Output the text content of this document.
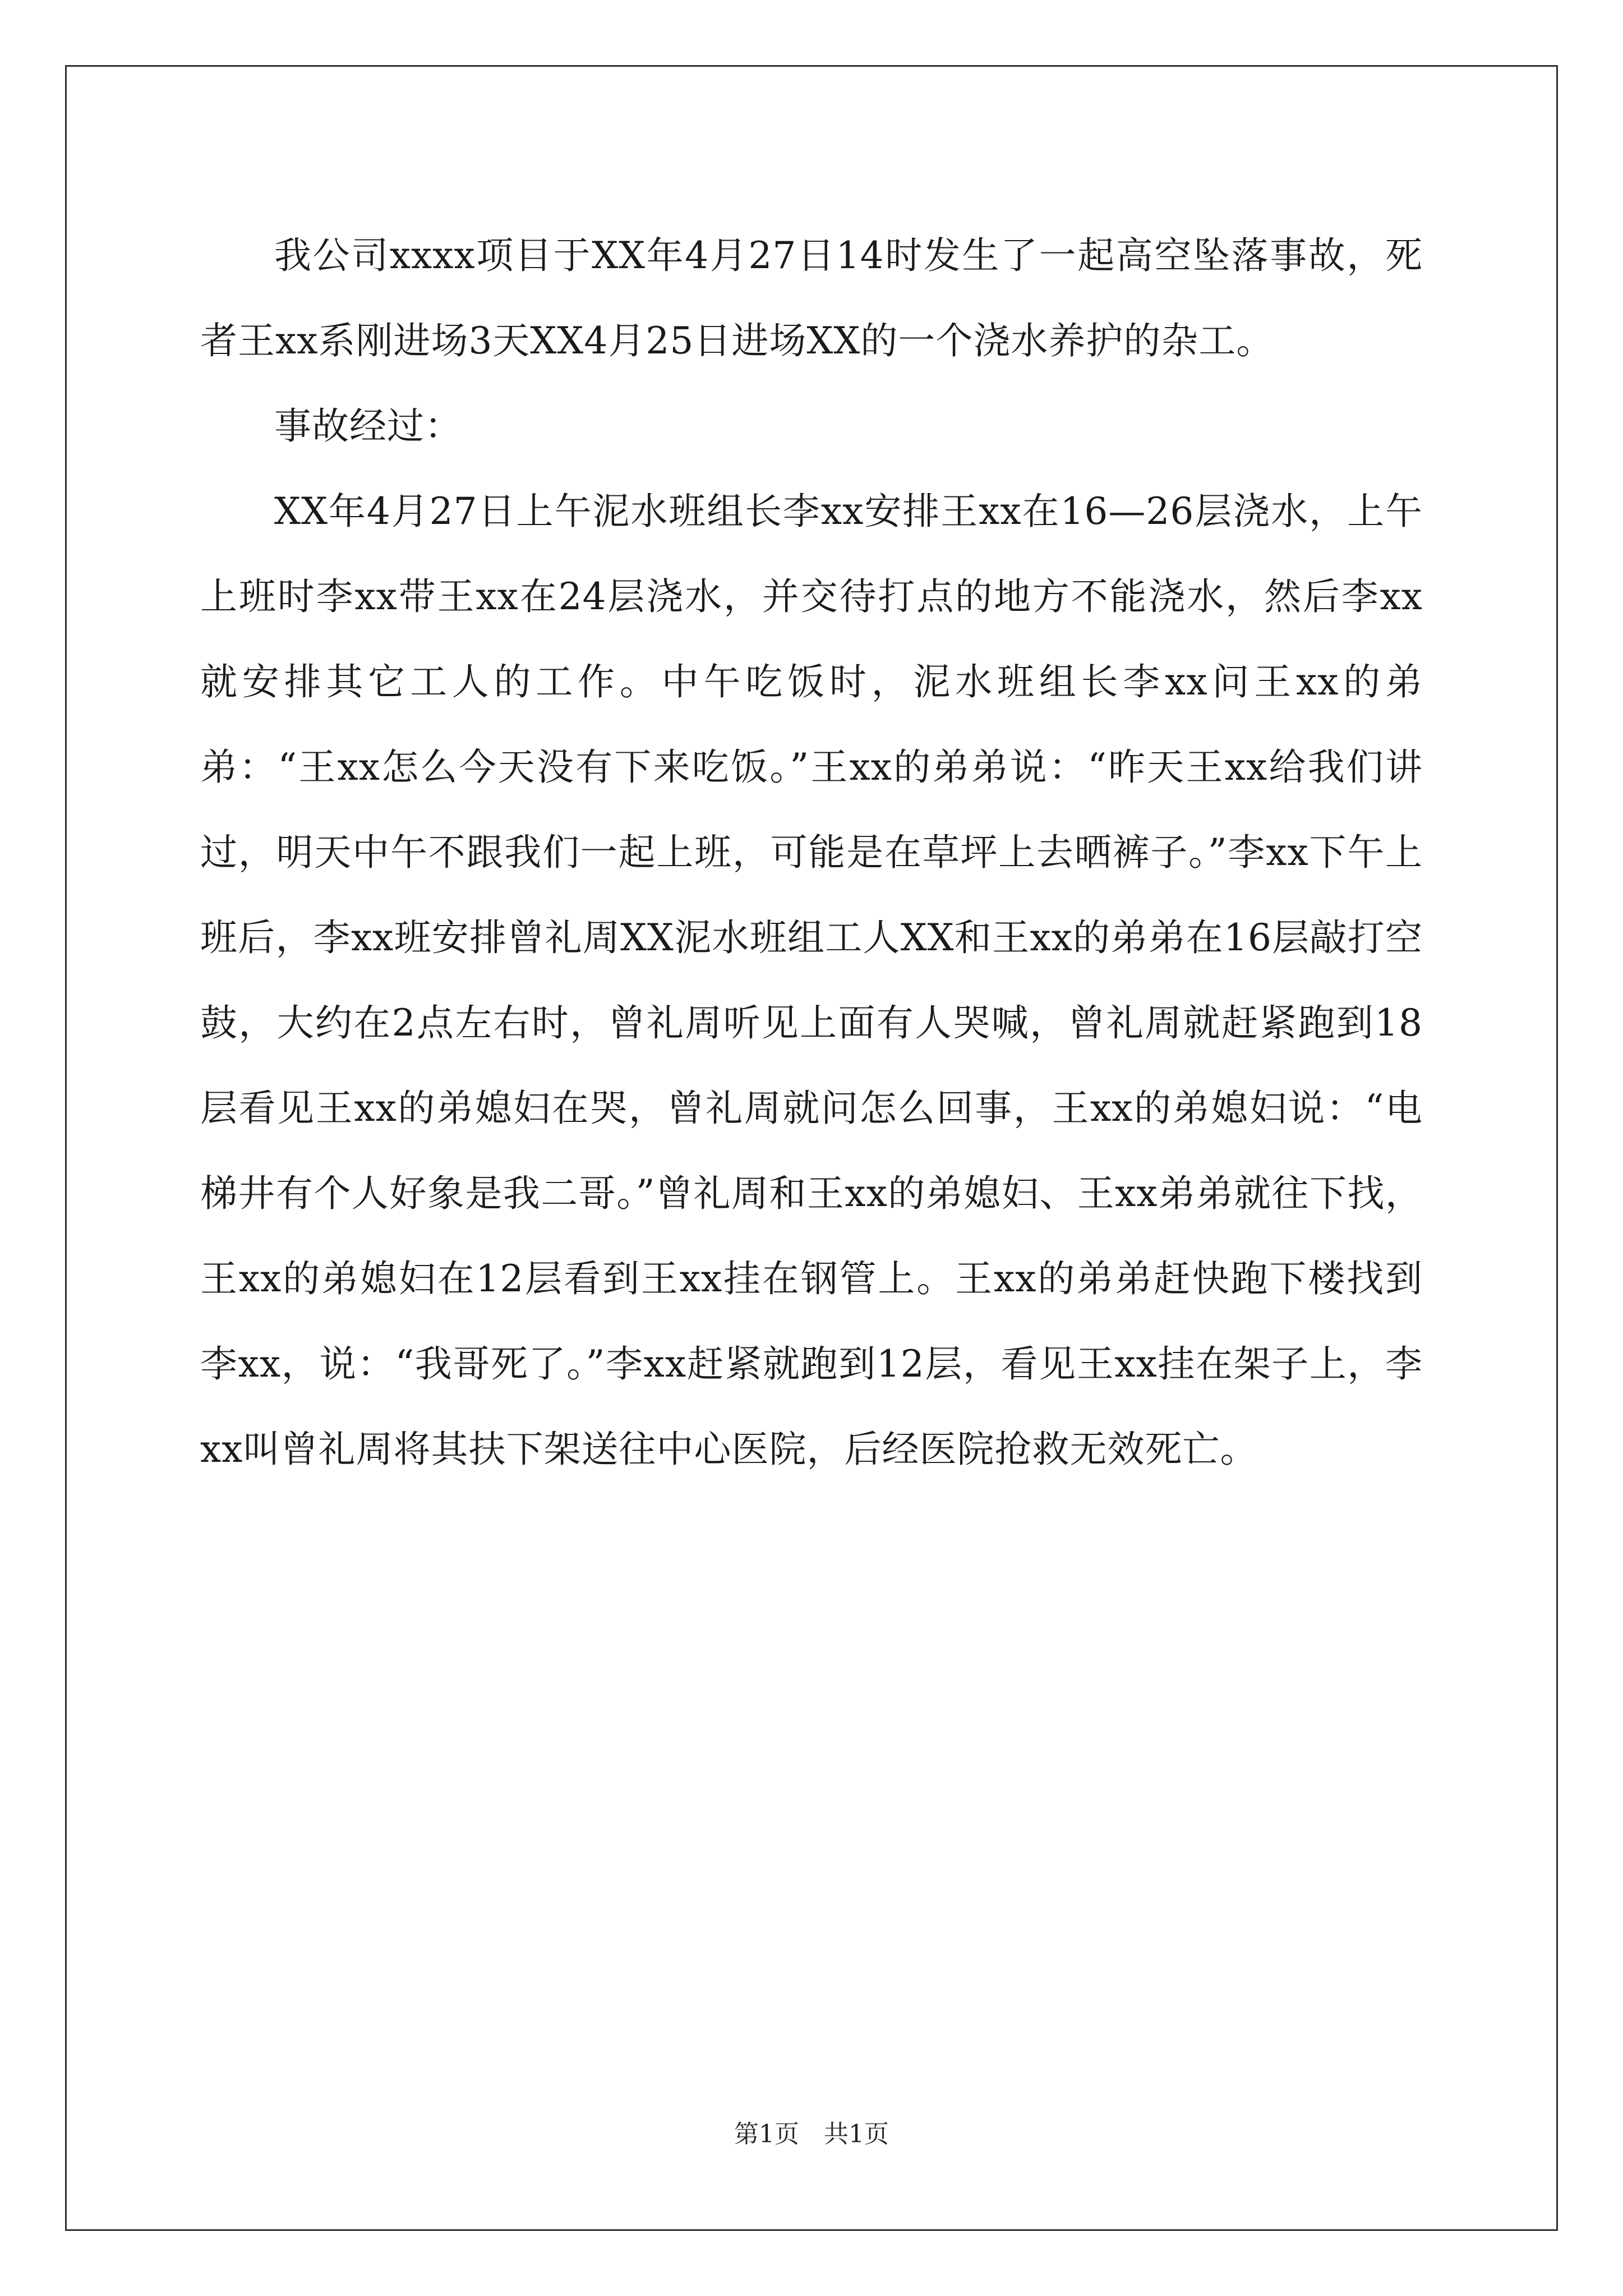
我公司xxxx项目于XX年4月27日14时发生了一起高空坠落事故，死者王xx系刚进场3天XX4月25日进场XX的一个浇水养护的杂工。

事故经过：

XX年4月27日上午泥水班组长李xx安排王xx在16—26层浇水，上午上班时李xx带王xx在24层浇水，并交待打点的地方不能浇水，然后李xx就安排其它工人的工作。中午吃饭时，泥水班组长李xx问王xx的弟弟：“王xx怎么今天没有下来吃饭。”王xx的弟弟说：“昨天王xx给我们讲过，明天中午不跟我们一起上班，可能是在草坪上去晒裤子。”李xx下午上班后，李xx班安排曾礼周XX泥水班组工人XX和王xx的弟弟在16层敲打空鼓，大约在2点左右时，曾礼周听见上面有人哭喊，曾礼周就赶紧跑到18层看见王xx的弟媳妇在哭，曾礼周就问怎么回事，王xx的弟媳妇说：“电梯井有个人好象是我二哥。”曾礼周和王xx的弟媳妇、王xx弟弟就往下找，王xx的弟媳妇在12层看到王xx挂在钢管上。王xx的弟弟赶快跑下楼找到李xx，说：“我哥死了。”李xx赶紧就跑到12层，看见王xx挂在架子上，李xx叫曾礼周将其扶下架送往中心医院，后经医院抢救无效死亡。

第1页 共1页
